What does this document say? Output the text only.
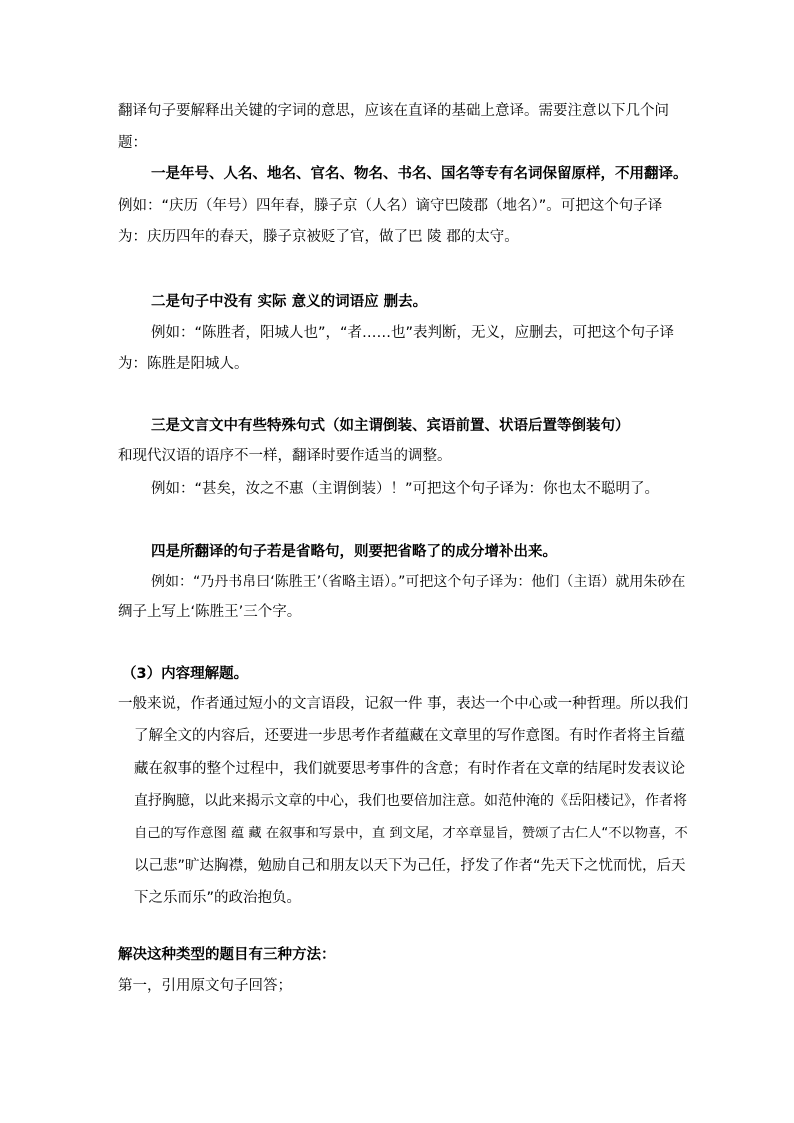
翻译句子要解释出关键的字词的意思，应该在直译的基础上意译。需要注意以下几个问
题：
一是年号、人名、地名、官名、物名、书名、国名等专有名词保留原样，不用翻译。
例如：“庆历（年号）四年春，滕子京（人名）谪守巴陵郡（地名）”。可把这个句子译
为：庆历四年的春天，滕子京被贬了官，做了巴 陵 郡的太守。
二是句子中没有 实际 意义的词语应 删去。
例如：“陈胜者，阳城人也”，“者……也”表判断，无义，应删去，可把这个句子译
为：陈胜是阳城人。
三是文言文中有些特殊句式（如主谓倒装、宾语前置、状语后置等倒装句）
和现代汉语的语序不一样，翻译时要作适当的调整。
例如：“甚矣，汝之不惠（主谓倒装）！”可把这个句子译为：你也太不聪明了。
四是所翻译的句子若是省略句，则要把省略了的成分增补出来。
例如：“乃丹书帛曰‘陈胜王’（省略主语）。”可把这个句子译为：他们（主语）就用朱砂在
绸子上写上‘陈胜王’三个字。
（3）内容理解题。
一般来说，作者通过短小的文言语段，记叙一件 事，表达一个中心或一种哲理。所以我们
了解全文的内容后，还要进一步思考作者蕴藏在文章里的写作意图。有时作者将主旨蕴
藏在叙事的整个过程中，我们就要思考事件的含意；有时作者在文章的结尾时发表议论
直抒胸臆，以此来揭示文章的中心，我们也要倍加注意。如范仲淹的《岳阳楼记》，作者将
自己的写作意图 蕴 藏 在叙事和写景中，直 到文尾，才卒章显旨，赞颂了古仁人“不以物喜，不
以己悲”旷达胸襟，勉励自己和朋友以天下为己任，抒发了作者“先天下之忧而忧，后天
下之乐而乐”的政治抱负。
解决这种类型的题目有三种方法：
第一，引用原文句子回答；
